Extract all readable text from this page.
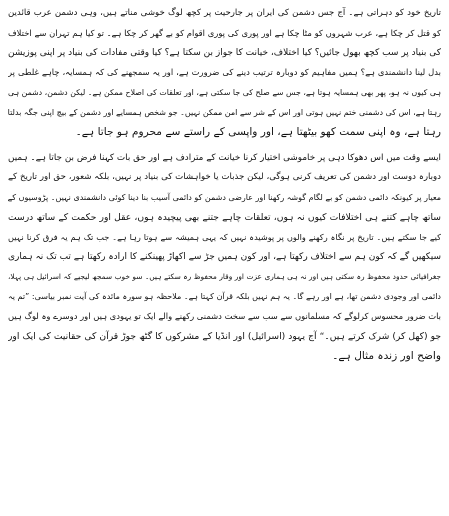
تاریخ خود کو دہراتی ہے۔ آج جس دشمن کی ایران پر جارحیت پر کچھ لوگ خوشی مناتے ہیں، وہی دشمن عرب قائدین
کو قتل کر چکا ہے، عرب شہروں کو مٹا چکا ہے اور پوری کی پوری اقوام کو بے گھر کر چکا ہے۔ تو کیا ہم تہران سے اختلاف
کی بنیاد پر سب کچھ بھول جائیں؟ کیا اختلاف، خیانت کا جواز بن سکتا ہے؟ کیا وقتی مفادات کی بنیاد پر اپنی پوزیشن
بدل لینا دانشمندی ہے؟ ہمیں مفاہیم کو دوبارہ ترتیب دینے کی ضرورت ہے، اور یہ سمجھنے کی کہ ہمسایہ، چاہے غلطی پر
ہی کیوں نہ ہو، پھر بھی ہمسایہ ہوتا ہے، جس سے صلح کی جا سکتی ہے، اور تعلقات کی اصلاح ممکن ہے۔ لیکن دشمن، دشمن ہی
رہتا ہے، اس کی دشمنی ختم نہیں ہوتی اور اس کے شر سے امن ممکن نہیں۔ جو شخص ہمسایے اور دشمن کے بیچ اپنی جگہ بدلتا
رہتا ہے، وہ اپنی سمت کھو بیٹھتا ہے، اور واپسی کے راستے سے محروم ہو جاتا ہے۔
ایسے وقت میں اس دھوکا دہی پر خاموشی اختیار کرنا خیانت کے مترادف ہے اور حق بات کہنا فرض بن جاتا ہے۔ ہمیں
دوبارہ دوست اور دشمن کی تعریف کرنی ہوگی، لیکن جذبات یا خواہشات کی بنیاد پر نہیں، بلکہ شعور، حق اور تاریخ کے
معیار پر کیونکہ دائمی دشمن کو بے لگام گوشہ رکھنا اور عارضی دشمن کو دائمی آسیب بنا دینا کوئی دانشمندی نہیں۔ پڑوسیوں کے
ساتھ چاہے کتنے ہی اختلافات کیوں نہ ہوں، تعلقات چاہے جتنے بھی پیچیدہ ہوں، عقل اور حکمت کے ساتھ درست
کیے جا سکتے ہیں۔ تاریخ پر نگاہ رکھنے والوں پر پوشیدہ نہیں کہ یہی ہمیشہ سے ہوتا رہا ہے۔ جب تک ہم یہ فرق کرنا نہیں
سیکھیں گے کہ کون ہم سے اختلاف رکھتا ہے، اور کون ہمیں جڑ سے اکھاڑ پھینکنے کا ارادہ رکھتا ہے تب تک نہ ہماری
جغرافیائی حدود محفوظ رہ سکتی ہیں اور نہ ہی ہماری عزت اور وقار محفوظ رہ سکتے ہیں۔ سو خوب سمجھ لیجیے کہ اسرائیل ہی پہلا،
دائمی اور وجودی دشمن تھا، ہے اور رہے گا۔ یہ ہم نہیں بلکہ قرآن کہتا ہے۔ ملاحظہ ہو سورہ مائدہ کی آیت نمبر بیاسی: ”تم یہ
بات ضرور محسوس کرلوگے کہ مسلمانوں سے سب سے سخت دشمنی رکھنے والے ایک تو یہودی ہیں اور دوسرے وہ لوگ ہیں
جو (کھل کر) شرک کرتے ہیں۔“ آج یہود (اسرائیل) اور انڈیا کے مشرکوں کا گٹھ جوڑ قرآن کی حقانیت کی ایک اور
واضح اور زندہ مثال ہے۔
